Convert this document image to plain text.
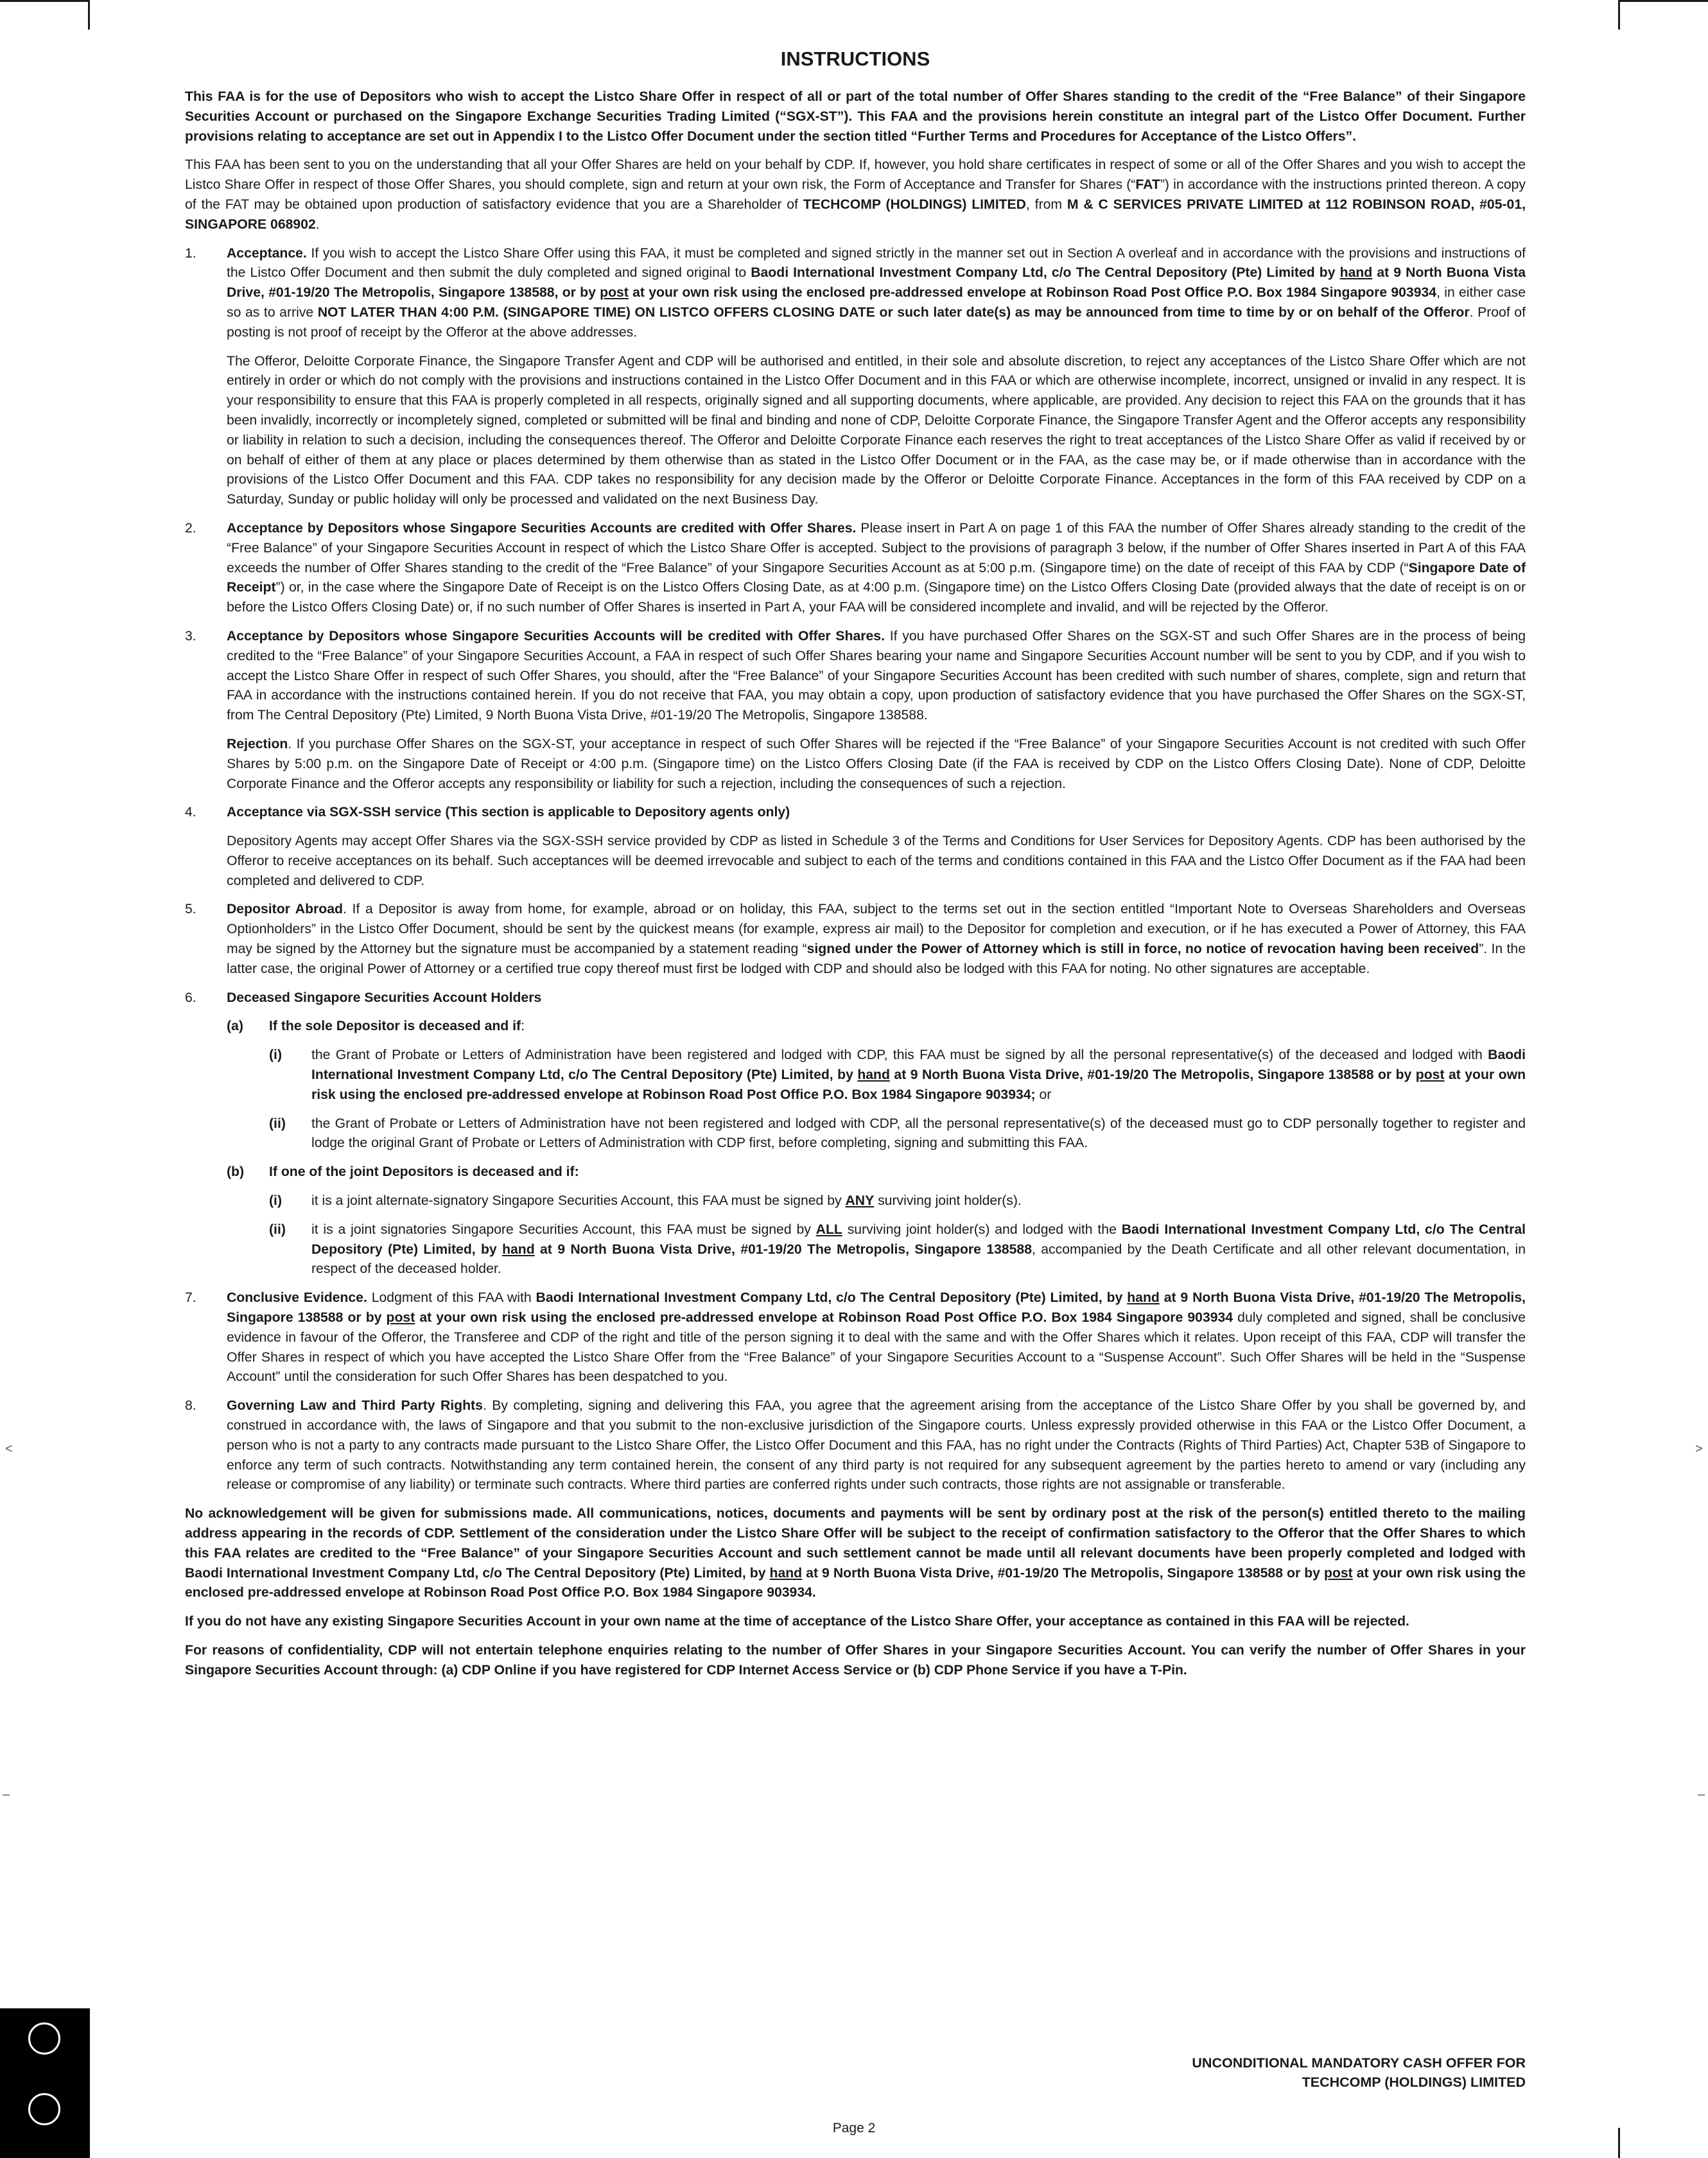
<	>
–	–
INSTRUCTIONS

This FAA is for the use of Depositors who wish to accept the Listco Share Offer in respect of all or part of the total number of Offer Shares standing to the credit of the “Free Balance” of their Singapore Securities Account or purchased on the Singapore Exchange Securities Trading Limited (“SGX-ST”). This FAA and the provisions herein constitute an integral part of the Listco Offer Document. Further provisions relating to acceptance are set out in Appendix I to the Listco Offer Document under the section titled “Further Terms and Procedures for Acceptance of the Listco Offers”.

This FAA has been sent to you on the understanding that all your Offer Shares are held on your behalf by CDP. If, however, you hold share certificates in respect of some or all of the Offer Shares and you wish to accept the Listco Share Offer in respect of those Offer Shares, you should complete, sign and return at your own risk, the Form of Acceptance and Transfer for Shares (“FAT”) in accordance with the instructions printed thereon. A copy of the FAT may be obtained upon production of satisfactory evidence that you are a Shareholder of TECHCOMP (HOLDINGS) LIMITED, from M & C SERVICES PRIVATE LIMITED at 112 ROBINSON ROAD, #05-01, SINGAPORE 068902.

1. Acceptance. If you wish to accept the Listco Share Offer using this FAA, it must be completed and signed strictly in the manner set out in Section A overleaf and in accordance with the provisions and instructions of the Listco Offer Document and then submit the duly completed and signed original to Baodi International Investment Company Ltd, c/o The Central Depository (Pte) Limited by hand at 9 North Buona Vista Drive, #01-19/20 The Metropolis, Singapore 138588, or by post at your own risk using the enclosed pre-addressed envelope at Robinson Road Post Office P.O. Box 1984 Singapore 903934, in either case so as to arrive NOT LATER THAN 4:00 P.M. (SINGAPORE TIME) ON LISTCO OFFERS CLOSING DATE or such later date(s) as may be announced from time to time by or on behalf of the Offeror. Proof of posting is not proof of receipt by the Offeror at the above addresses.

The Offeror, Deloitte Corporate Finance, the Singapore Transfer Agent and CDP will be authorised and entitled, in their sole and absolute discretion, to reject any acceptances of the Listco Share Offer which are not entirely in order or which do not comply with the provisions and instructions contained in the Listco Offer Document and in this FAA or which are otherwise incomplete, incorrect, unsigned or invalid in any respect. It is your responsibility to ensure that this FAA is properly completed in all respects, originally signed and all supporting documents, where applicable, are provided. Any decision to reject this FAA on the grounds that it has been invalidly, incorrectly or incompletely signed, completed or submitted will be final and binding and none of CDP, Deloitte Corporate Finance, the Singapore Transfer Agent and the Offeror accepts any responsibility or liability in relation to such a decision, including the consequences thereof. The Offeror and Deloitte Corporate Finance each reserves the right to treat acceptances of the Listco Share Offer as valid if received by or on behalf of either of them at any place or places determined by them otherwise than as stated in the Listco Offer Document or in the FAA, as the case may be, or if made otherwise than in accordance with the provisions of the Listco Offer Document and this FAA. CDP takes no responsibility for any decision made by the Offeror or Deloitte Corporate Finance. Acceptances in the form of this FAA received by CDP on a Saturday, Sunday or public holiday will only be processed and validated on the next Business Day.

2. Acceptance by Depositors whose Singapore Securities Accounts are credited with Offer Shares. Please insert in Part A on page 1 of this FAA the number of Offer Shares already standing to the credit of the “Free Balance” of your Singapore Securities Account in respect of which the Listco Share Offer is accepted. Subject to the provisions of paragraph 3 below, if the number of Offer Shares inserted in Part A of this FAA exceeds the number of Offer Shares standing to the credit of the “Free Balance” of your Singapore Securities Account as at 5:00 p.m. (Singapore time) on the date of receipt of this FAA by CDP (“Singapore Date of Receipt”) or, in the case where the Singapore Date of Receipt is on the Listco Offers Closing Date, as at 4:00 p.m. (Singapore time) on the Listco Offers Closing Date (provided always that the date of receipt is on or before the Listco Offers Closing Date) or, if no such number of Offer Shares is inserted in Part A, your FAA will be considered incomplete and invalid, and will be rejected by the Offeror.

3. Acceptance by Depositors whose Singapore Securities Accounts will be credited with Offer Shares. If you have purchased Offer Shares on the SGX-ST and such Offer Shares are in the process of being credited to the “Free Balance” of your Singapore Securities Account, a FAA in respect of such Offer Shares bearing your name and Singapore Securities Account number will be sent to you by CDP, and if you wish to accept the Listco Share Offer in respect of such Offer Shares, you should, after the “Free Balance” of your Singapore Securities Account has been credited with such number of shares, complete, sign and return that FAA in accordance with the instructions contained herein. If you do not receive that FAA, you may obtain a copy, upon production of satisfactory evidence that you have purchased the Offer Shares on the SGX-ST, from The Central Depository (Pte) Limited, 9 North Buona Vista Drive, #01-19/20 The Metropolis, Singapore 138588.

Rejection. If you purchase Offer Shares on the SGX-ST, your acceptance in respect of such Offer Shares will be rejected if the “Free Balance” of your Singapore Securities Account is not credited with such Offer Shares by 5:00 p.m. on the Singapore Date of Receipt or 4:00 p.m. (Singapore time) on the Listco Offers Closing Date (if the FAA is received by CDP on the Listco Offers Closing Date). None of CDP, Deloitte Corporate Finance and the Offeror accepts any responsibility or liability for such a rejection, including the consequences of such a rejection.

4. Acceptance via SGX-SSH service (This section is applicable to Depository agents only)

Depository Agents may accept Offer Shares via the SGX-SSH service provided by CDP as listed in Schedule 3 of the Terms and Conditions for User Services for Depository Agents. CDP has been authorised by the Offeror to receive acceptances on its behalf. Such acceptances will be deemed irrevocable and subject to each of the terms and conditions contained in this FAA and the Listco Offer Document as if the FAA had been completed and delivered to CDP.

5. Depositor Abroad. If a Depositor is away from home, for example, abroad or on holiday, this FAA, subject to the terms set out in the section entitled “Important Note to Overseas Shareholders and Overseas Optionholders” in the Listco Offer Document, should be sent by the quickest means (for example, express air mail) to the Depositor for completion and execution, or if he has executed a Power of Attorney, this FAA may be signed by the Attorney but the signature must be accompanied by a statement reading “signed under the Power of Attorney which is still in force, no notice of revocation having been received”. In the latter case, the original Power of Attorney or a certified true copy thereof must first be lodged with CDP and should also be lodged with this FAA for noting. No other signatures are acceptable.

6. Deceased Singapore Securities Account Holders

(a) If the sole Depositor is deceased and if:

(i) the Grant of Probate or Letters of Administration have been registered and lodged with CDP, this FAA must be signed by all the personal representative(s) of the deceased and lodged with Baodi International Investment Company Ltd, c/o The Central Depository (Pte) Limited, by hand at 9 North Buona Vista Drive, #01-19/20 The Metropolis, Singapore 138588 or by post at your own risk using the enclosed pre-addressed envelope at Robinson Road Post Office P.O. Box 1984 Singapore 903934; or

(ii) the Grant of Probate or Letters of Administration have not been registered and lodged with CDP, all the personal representative(s) of the deceased must go to CDP personally together to register and lodge the original Grant of Probate or Letters of Administration with CDP first, before completing, signing and submitting this FAA.

(b) If one of the joint Depositors is deceased and if:

(i) it is a joint alternate-signatory Singapore Securities Account, this FAA must be signed by ANY surviving joint holder(s).

(ii) it is a joint signatories Singapore Securities Account, this FAA must be signed by ALL surviving joint holder(s) and lodged with the Baodi International Investment Company Ltd, c/o The Central Depository (Pte) Limited, by hand at 9 North Buona Vista Drive, #01-19/20 The Metropolis, Singapore 138588, accompanied by the Death Certificate and all other relevant documentation, in respect of the deceased holder.

7. Conclusive Evidence. Lodgment of this FAA with Baodi International Investment Company Ltd, c/o The Central Depository (Pte) Limited, by hand at 9 North Buona Vista Drive, #01-19/20 The Metropolis, Singapore 138588 or by post at your own risk using the enclosed pre-addressed envelope at Robinson Road Post Office P.O. Box 1984 Singapore 903934 duly completed and signed, shall be conclusive evidence in favour of the Offeror, the Transferee and CDP of the right and title of the person signing it to deal with the same and with the Offer Shares which it relates. Upon receipt of this FAA, CDP will transfer the Offer Shares in respect of which you have accepted the Listco Share Offer from the “Free Balance” of your Singapore Securities Account to a “Suspense Account”. Such Offer Shares will be held in the “Suspense Account” until the consideration for such Offer Shares has been despatched to you.

8. Governing Law and Third Party Rights. By completing, signing and delivering this FAA, you agree that the agreement arising from the acceptance of the Listco Share Offer by you shall be governed by, and construed in accordance with, the laws of Singapore and that you submit to the non-exclusive jurisdiction of the Singapore courts. Unless expressly provided otherwise in this FAA or the Listco Offer Document, a person who is not a party to any contracts made pursuant to the Listco Share Offer, the Listco Offer Document and this FAA, has no right under the Contracts (Rights of Third Parties) Act, Chapter 53B of Singapore to enforce any term of such contracts. Notwithstanding any term contained herein, the consent of any third party is not required for any subsequent agreement by the parties hereto to amend or vary (including any release or compromise of any liability) or terminate such contracts. Where third parties are conferred rights under such contracts, those rights are not assignable or transferable.

No acknowledgement will be given for submissions made. All communications, notices, documents and payments will be sent by ordinary post at the risk of the person(s) entitled thereto to the mailing address appearing in the records of CDP. Settlement of the consideration under the Listco Share Offer will be subject to the receipt of confirmation satisfactory to the Offeror that the Offer Shares to which this FAA relates are credited to the “Free Balance” of your Singapore Securities Account and such settlement cannot be made until all relevant documents have been properly completed and lodged with Baodi International Investment Company Ltd, c/o The Central Depository (Pte) Limited, by hand at 9 North Buona Vista Drive, #01-19/20 The Metropolis, Singapore 138588 or by post at your own risk using the enclosed pre-addressed envelope at Robinson Road Post Office P.O. Box 1984 Singapore 903934.

If you do not have any existing Singapore Securities Account in your own name at the time of acceptance of the Listco Share Offer, your acceptance as contained in this FAA will be rejected.

For reasons of confidentiality, CDP will not entertain telephone enquiries relating to the number of Offer Shares in your Singapore Securities Account. You can verify the number of Offer Shares in your Singapore Securities Account through: (a) CDP Online if you have registered for CDP Internet Access Service or (b) CDP Phone Service if you have a T-Pin.

UNCONDITIONAL MANDATORY CASH OFFER FOR
TECHCOMP (HOLDINGS) LIMITED
Page 2
